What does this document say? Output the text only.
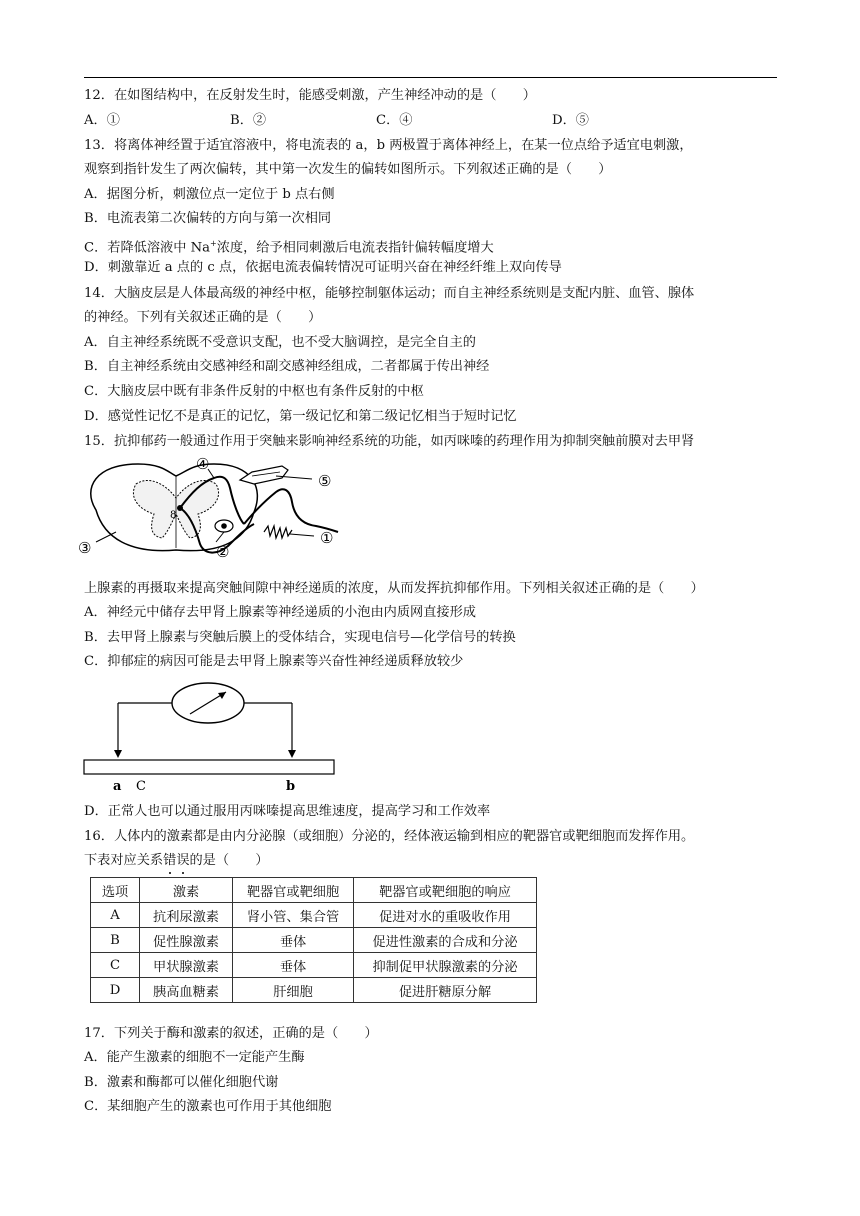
12．在如图结构中，在反射发生时，能感受刺激，产生神经冲动的是（　　）
A．①	B．②	C．④	D．⑤
13．将离体神经置于适宜溶液中，将电流表的 a，b 两极置于离体神经上，在某一位点给予适宜电刺激，
观察到指针发生了两次偏转，其中第一次发生的偏转如图所示。下列叙述正确的是（　　）
A．据图分析，刺激位点一定位于 b 点右侧
B．电流表第二次偏转的方向与第一次相同
C．若降低溶液中 Na+浓度，给予相同刺激后电流表指针偏转幅度增大
D．刺激靠近 a 点的 c 点，依据电流表偏转情况可证明兴奋在神经纤维上双向传导
14．大脑皮层是人体最高级的神经中枢，能够控制躯体运动；而自主神经系统则是支配内脏、血管、腺体
的神经。下列有关叙述正确的是（　　）
A．自主神经系统既不受意识支配，也不受大脑调控，是完全自主的
B．自主神经系统由交感神经和副交感神经组成，二者都属于传出神经
C．大脑皮层中既有非条件反射的中枢也有条件反射的中枢
D．感觉性记忆不是真正的记忆，第一级记忆和第二级记忆相当于短时记忆
15．抗抑郁药一般通过作用于突触来影响神经系统的功能，如丙咪嗪的药理作用为抑制突触前膜对去甲肾
8
④
⑤
①
②
③
上腺素的再摄取来提高突触间隙中神经递质的浓度，从而发挥抗抑郁作用。下列相关叙述正确的是（　　）
A．神经元中储存去甲肾上腺素等神经递质的小泡由内质网直接形成
B．去甲肾上腺素与突触后膜上的受体结合，实现电信号—化学信号的转换
C．抑郁症的病因可能是去甲肾上腺素等兴奋性神经递质释放较少
a C	b
D．正常人也可以通过服用丙咪嗪提高思维速度，提高学习和工作效率
16．人体内的激素都是由内分泌腺（或细胞）分泌的，经体液运输到相应的靶器官或靶细胞而发挥作用。
下表对应关系错误的是（　　）
选项	激素	靶器官或靶细胞	靶器官或靶细胞的响应
A	抗利尿激素	肾小管、集合管	促进对水的重吸收作用
B	促性腺激素	垂体	促进性激素的合成和分泌
C	甲状腺激素	垂体	抑制促甲状腺激素的分泌
D	胰高血糖素	肝细胞	促进肝糖原分解
17．下列关于酶和激素的叙述，正确的是（　　）
A．能产生激素的细胞不一定能产生酶
B．激素和酶都可以催化细胞代谢
C．某细胞产生的激素也可作用于其他细胞
